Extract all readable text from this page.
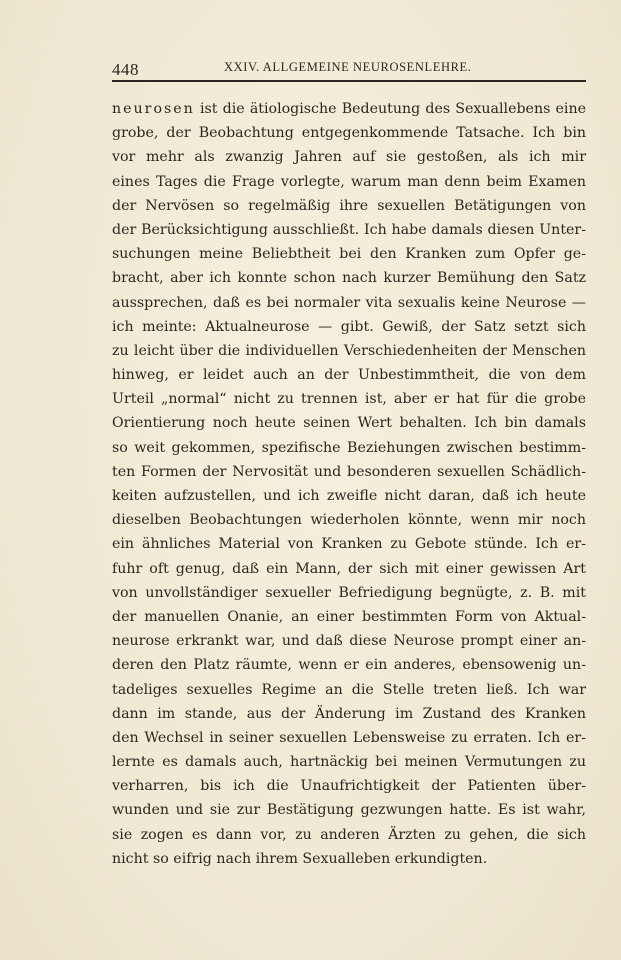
448	XXIV. ALLGEMEINE NEUROSENLEHRE.
neurosen ist die ätiologische Bedeutung des Sexuallebens eine
grobe, der Beobachtung entgegenkommende Tatsache. Ich bin
vor mehr als zwanzig Jahren auf sie gestoßen, als ich mir
eines Tages die Frage vorlegte, warum man denn beim Examen
der Nervösen so regelmäßig ihre sexuellen Betätigungen von
der Berücksichtigung ausschließt. Ich habe damals diesen Unter-
suchungen meine Beliebtheit bei den Kranken zum Opfer ge-
bracht, aber ich konnte schon nach kurzer Bemühung den Satz
aussprechen, daß es bei normaler vita sexualis keine Neurose —
ich meinte: Aktualneurose — gibt. Gewiß, der Satz setzt sich
zu leicht über die individuellen Verschiedenheiten der Menschen
hinweg, er leidet auch an der Unbestimmtheit, die von dem
Urteil „normal“ nicht zu trennen ist, aber er hat für die grobe
Orientierung noch heute seinen Wert behalten. Ich bin damals
so weit gekommen, spezifische Beziehungen zwischen bestimm-
ten Formen der Nervosität und besonderen sexuellen Schädlich-
keiten aufzustellen, und ich zweifle nicht daran, daß ich heute
dieselben Beobachtungen wiederholen könnte, wenn mir noch
ein ähnliches Material von Kranken zu Gebote stünde. Ich er-
fuhr oft genug, daß ein Mann, der sich mit einer gewissen Art
von unvollständiger sexueller Befriedigung begnügte, z. B. mit
der manuellen Onanie, an einer bestimmten Form von Aktual-
neurose erkrankt war, und daß diese Neurose prompt einer an-
deren den Platz räumte, wenn er ein anderes, ebensowenig un-
tadeliges sexuelles Regime an die Stelle treten ließ. Ich war
dann im stande, aus der Änderung im Zustand des Kranken
den Wechsel in seiner sexuellen Lebensweise zu erraten. Ich er-
lernte es damals auch, hartnäckig bei meinen Vermutungen zu
verharren, bis ich die Unaufrichtigkeit der Patienten über-
wunden und sie zur Bestätigung gezwungen hatte. Es ist wahr,
sie zogen es dann vor, zu anderen Ärzten zu gehen, die sich
nicht so eifrig nach ihrem Sexualleben erkundigten.
